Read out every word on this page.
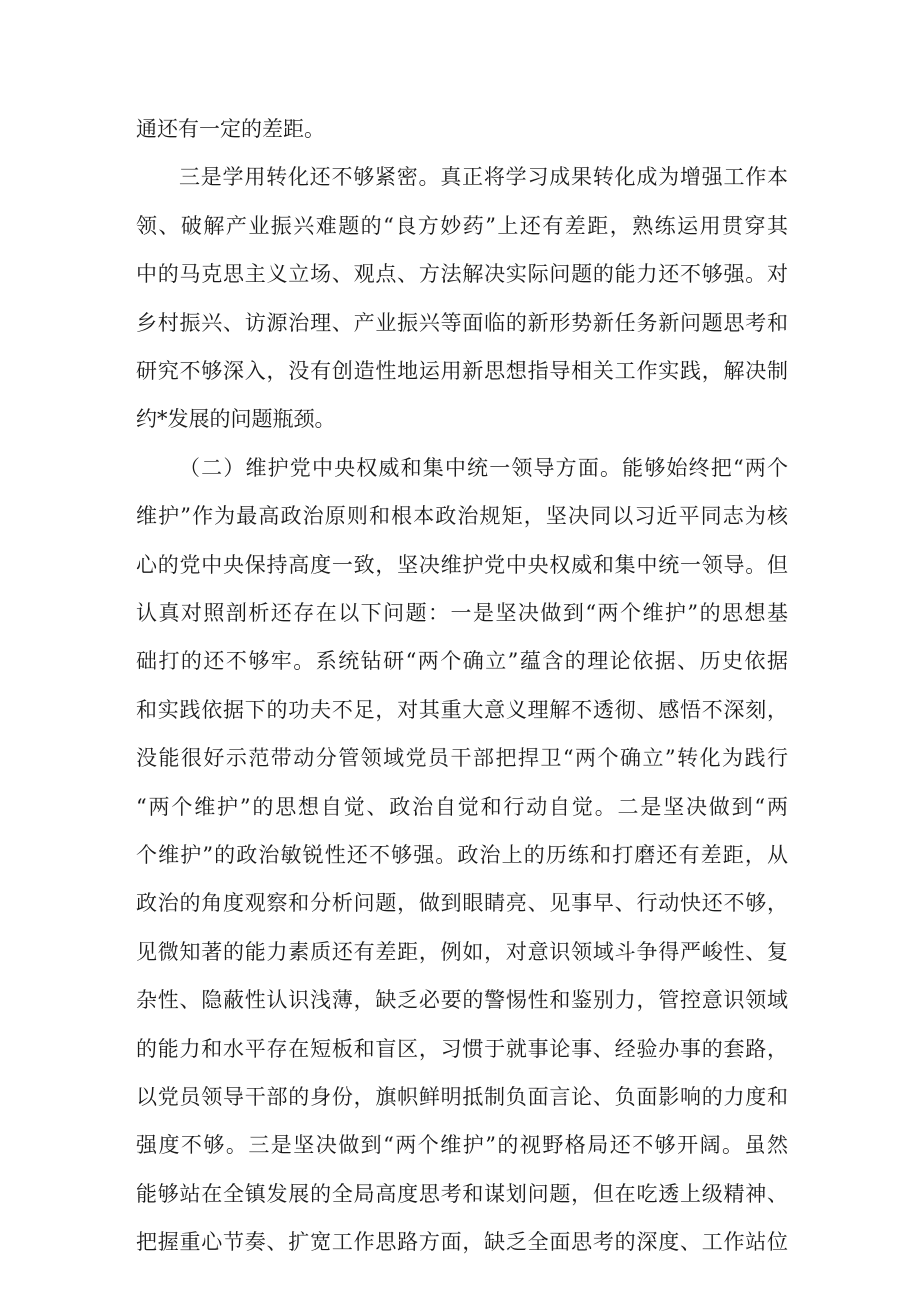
通还有一定的差距。
三是学用转化还不够紧密。真正将学习成果转化成为增强工作本
领、破解产业振兴难题的“良方妙药”上还有差距，熟练运用贯穿其
中的马克思主义立场、观点、方法解决实际问题的能力还不够强。对
乡村振兴、访源治理、产业振兴等面临的新形势新任务新问题思考和
研究不够深入，没有创造性地运用新思想指导相关工作实践，解决制
约*发展的问题瓶颈。
（二）维护党中央权威和集中统一领导方面。能够始终把“两个
维护”作为最高政治原则和根本政治规矩，坚决同以习近平同志为核
心的党中央保持高度一致，坚决维护党中央权威和集中统一领导。但
认真对照剖析还存在以下问题：一是坚决做到“两个维护”的思想基
础打的还不够牢。系统钻研“两个确立”蕴含的理论依据、历史依据
和实践依据下的功夫不足，对其重大意义理解不透彻、感悟不深刻，
没能很好示范带动分管领域党员干部把捍卫“两个确立”转化为践行
“两个维护”的思想自觉、政治自觉和行动自觉。二是坚决做到“两
个维护”的政治敏锐性还不够强。政治上的历练和打磨还有差距，从
政治的角度观察和分析问题，做到眼睛亮、见事早、行动快还不够，
见微知著的能力素质还有差距，例如，对意识领域斗争得严峻性、复
杂性、隐蔽性认识浅薄，缺乏必要的警惕性和鉴别力，管控意识领域
的能力和水平存在短板和盲区，习惯于就事论事、经验办事的套路，
以党员领导干部的身份，旗帜鲜明抵制负面言论、负面影响的力度和
强度不够。三是坚决做到“两个维护”的视野格局还不够开阔。虽然
能够站在全镇发展的全局高度思考和谋划问题，但在吃透上级精神、
把握重心节奏、扩宽工作思路方面，缺乏全面思考的深度、工作站位
